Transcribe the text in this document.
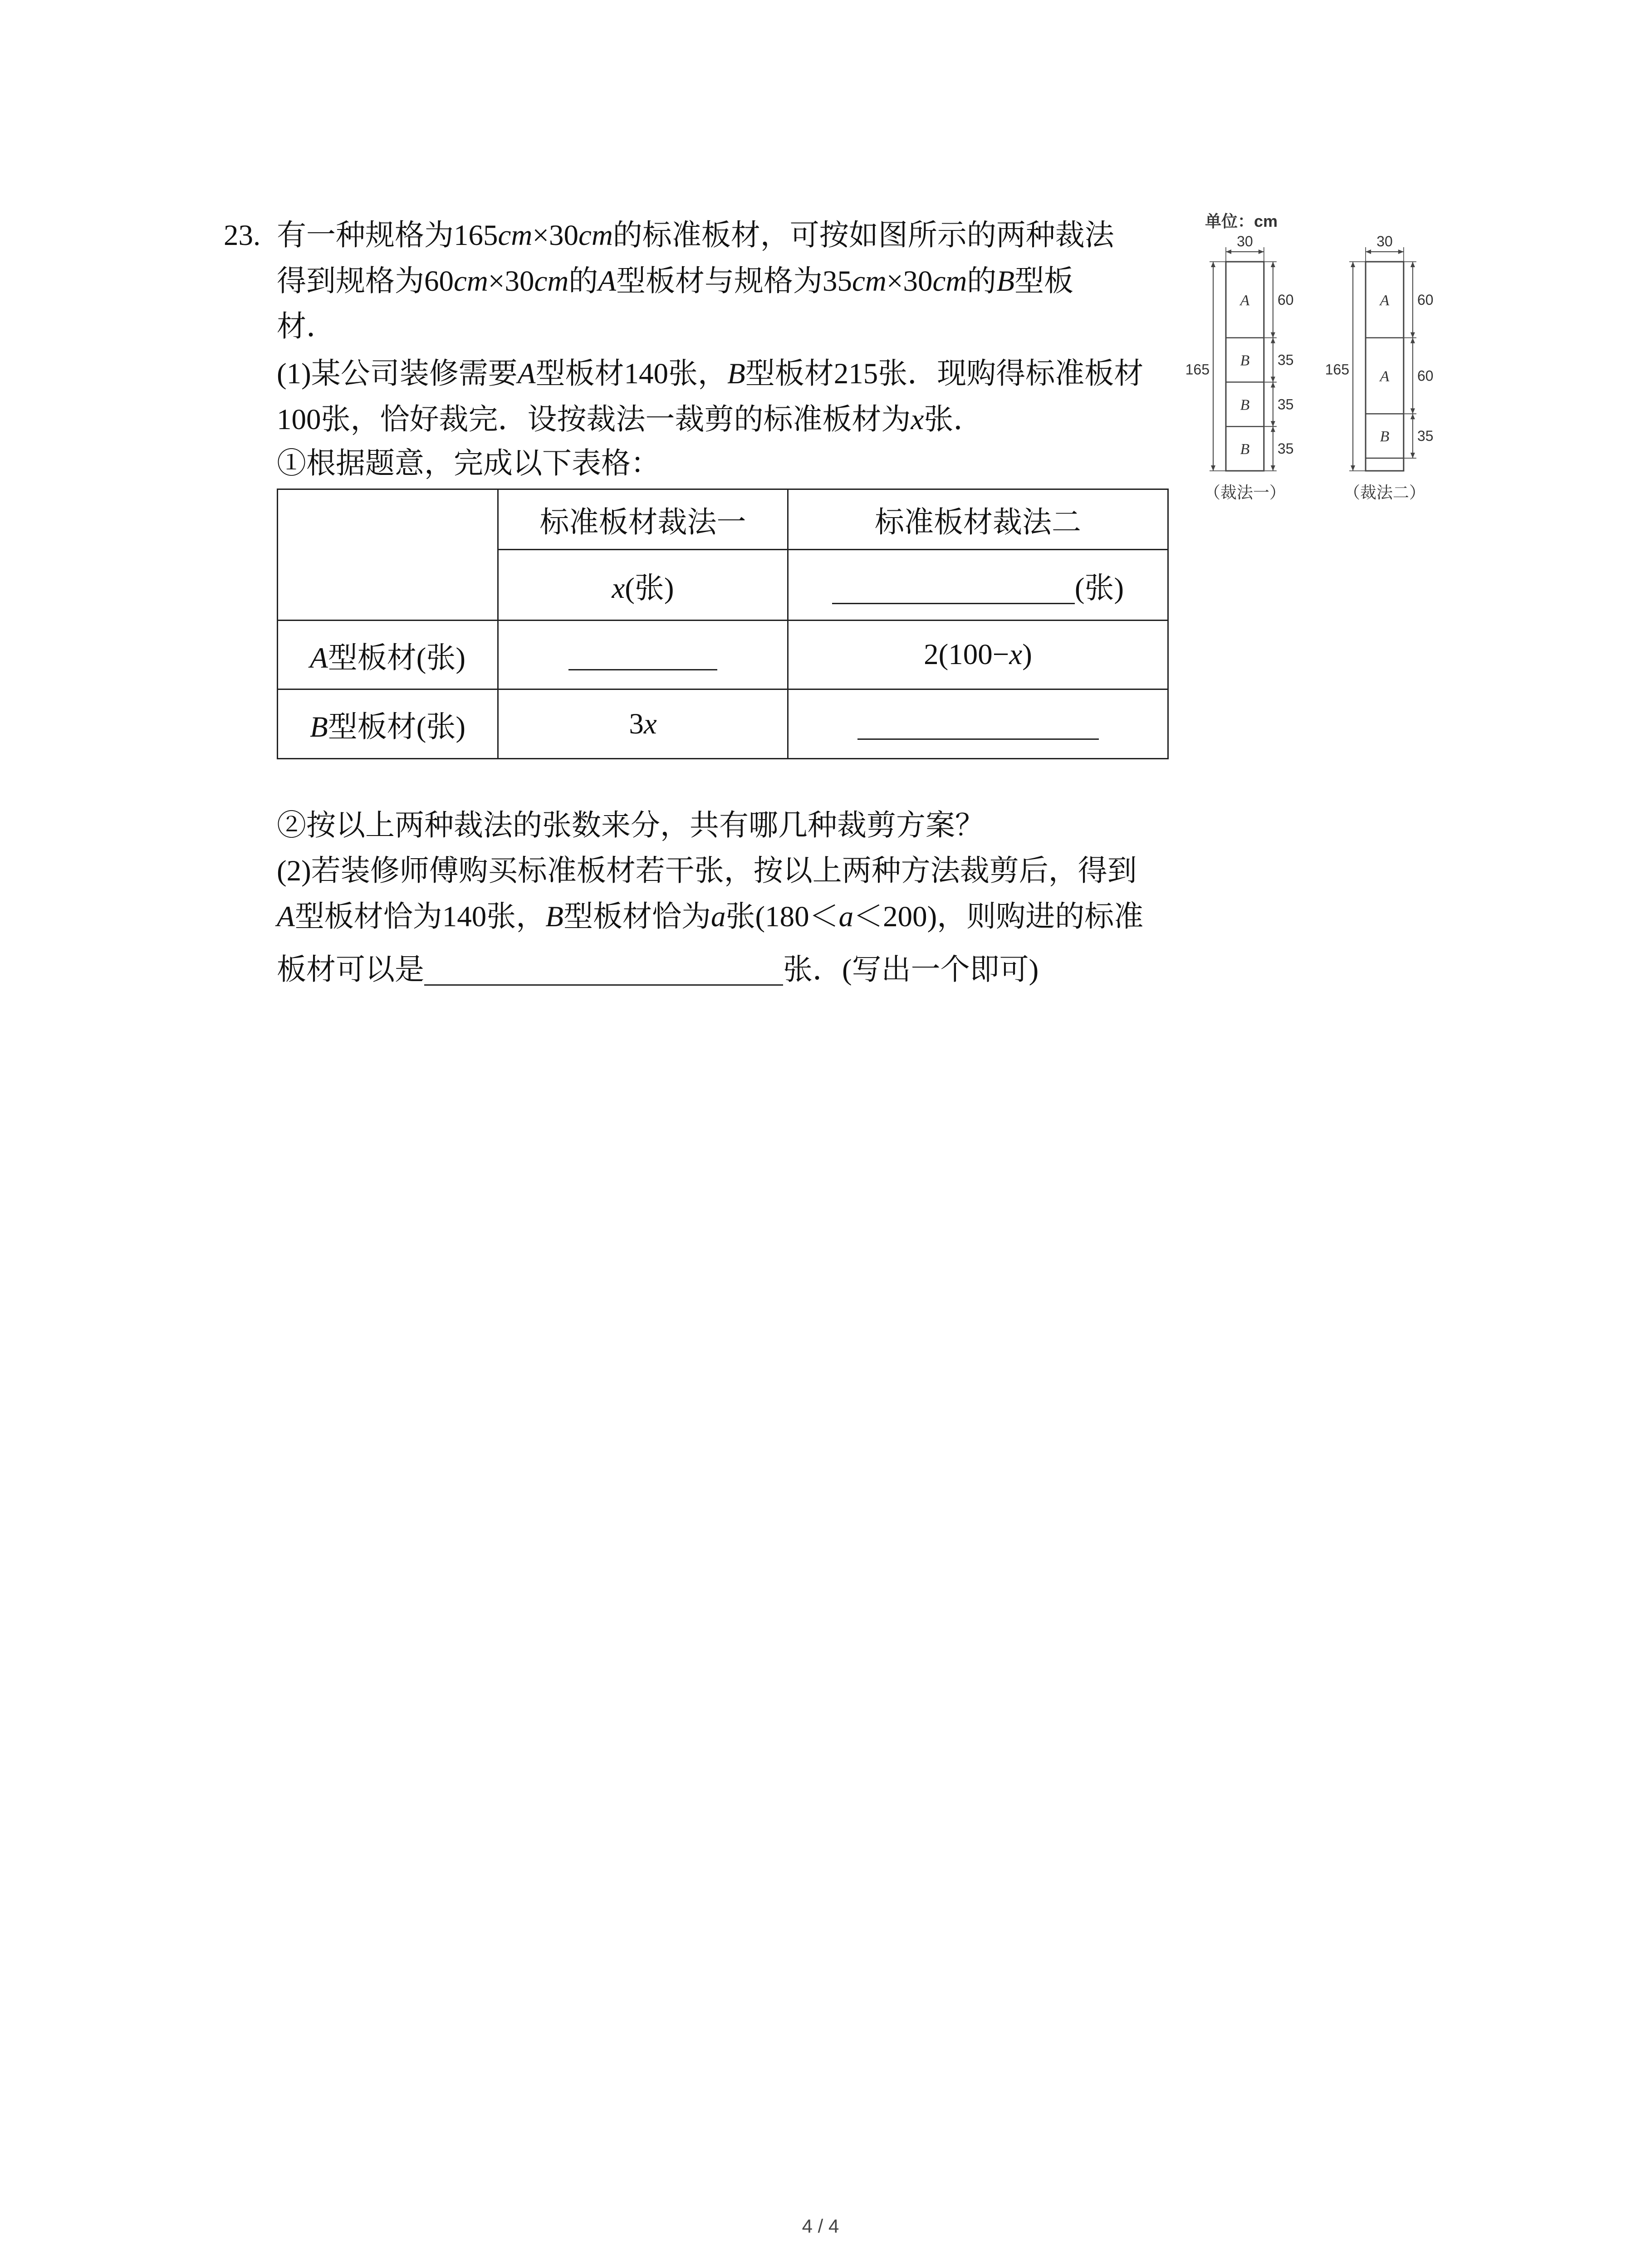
23. 有一种规格为165cm×30cm的标准板材，可按如图所示的两种裁法
得到规格为60cm×30cm的A型板材与规格为35cm×30cm的B型板
材．
(1)某公司装修需要A型板材140张，B型板材215张．现购得标准板材
100张，恰好裁完．设按裁法一裁剪的标准板材为x张．
①根据题意，完成以下表格：
	标准板材裁法一	标准板材裁法二
	x(张)	(张)
A型板材(张)		2(100−x)
B型板材(张)	3x	
②按以上两种裁法的张数来分，共有哪几种裁剪方案？
(2)若装修师傅购买标准板材若干张，按以上两种方法裁剪后，得到
A型板材恰为140张，B型板材恰为a张(180＜a＜200)，则购进的标准
板材可以是	张．(写出一个即可)
单位：cm
30
165
A 60
B 35
B 35
B 35
（裁法一）
30
165
A 60
A 60
B 35
（裁法二）
4 / 4
